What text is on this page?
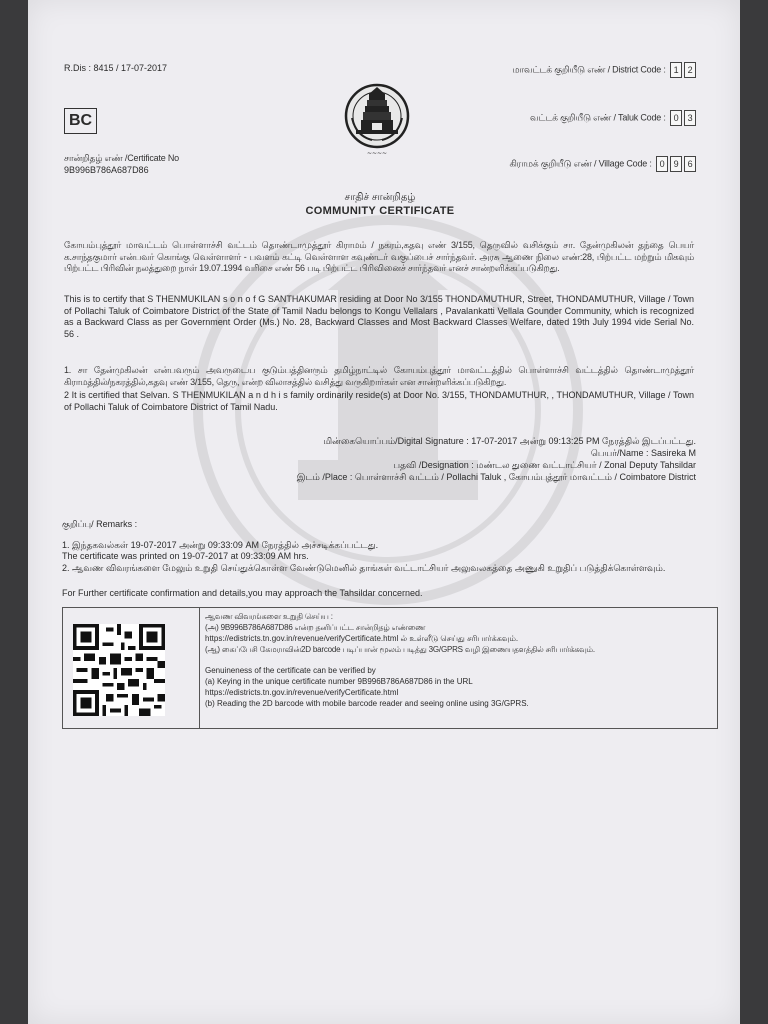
R.Dis : 8415 / 17-07-2017
BC
சான்றிதழ் எண் /Certificate No
9B996B786A687D86
~~~~
மாவட்டக் குறியீடு எண் / District Code : 1 2
வட்டக் குறியீடு எண் / Taluk Code : 0 3
கிராமக் குறியீடு எண் / Village Code : 0 9 6
சாதிச் சான்றிதழ்
COMMUNITY CERTIFICATE
கோயம்புத்தூர் மாவட்டம் பொள்ளாச்சி வட்டம் தொண்டாமுத்தூர் கிராமம் / நகரம்,கதவு எண் 3/155, தெருவில் வசிக்கும் சா. தேன்முகிலன் தந்தை பெயர் க.சாந்தகுமார் என்பவர் கொங்கு வெள்ளாளர் - பவளம் கட்டி வெள்ளாள கவுண்டர் வகுப்பைச் சார்ந்தவர். அரசு ஆணை நிலை எண்:28, பிற்பட்ட மற்றும் மிகவும் பிற்பட்ட பிரிவின் நலத்துறை நாள் 19.07.1994 வரிசை எண் 56 படி பிற்பட்ட பிரிவினைச் சார்ந்தவர் எனச் சான்றளிக்கப்படுகிறது.
This is to certify that S THENMUKILAN s o n o f G SANTHAKUMAR residing at Door No 3/155 THONDAMUTHUR, Street, THONDAMUTHUR, Village / Town of Pollachi Taluk of Coimbatore District of the State of Tamil Nadu belongs to Kongu Vellalars , Pavalankatti Vellala Gounder Community, which is recognized as a Backward Class as per Government Order (Ms.) No. 28, Backward Classes and Most Backward Classes Welfare, dated 19th July 1994 vide Serial No. 56 .
1. சா தேன்முகிலன் என்பவரும் அவருடைய குடும்பத்தினரும் தமிழ்நாட்டில் கோயம்புத்தூர் மாவட்டத்தில் பொள்ளாச்சி வட்டத்தில் தொண்டாமுத்தூர் கிராமத்தில்/நகரத்தில்,கதவு எண் 3/155, தெரு, என்ற விலாசத்தில் வசித்து வருகிறார்கள் என சான்றளிக்கப்படுகிறது.
2 It is certified that Selvan. S THENMUKILAN a n d h i s family ordinarily reside(s) at Door No. 3/155, THONDAMUTHUR, , THONDAMUTHUR, Village / Town of Pollachi Taluk of Coimbatore District of Tamil Nadu.
மின்கையொப்பம்/Digital Signature : 17-07-2017 அன்று 09:13:25 PM நேரத்தில் இடப்பட்டது.
பெயர்/Name : Sasireka M
பதவி /Designation : மண்டல துணை வட்டாட்சியர் / Zonal Deputy Tahsildar
இடம் /Place : பொள்ளாச்சி வட்டம் / Pollachi Taluk , கோயம்புத்தூர் மாவட்டம் / Coimbatore District
குறிப்பு/ Remarks :
1. இந்தகவல்கள் 19-07-2017 அன்று 09:33:09 AM நேரத்தில் அச்சடிக்கப்பட்டது.
The certificate was printed on 19-07-2017 at 09:33:09 AM hrs.
2. ஆவண விவரங்களை மேலும் உறுதி செய்துக்கொள்ள வேண்டுமெனில் தாங்கள் வட்டாட்சியர் அலுவலகத்தை அணுகி உறுதிப் படுத்திக்கொள்ளவும்.
For Further certificate confirmation and details,you may approach the Tahsildar concerned.
ஆவண விவரங்களை உறுதி செய்ய :
(அ) 9B996B786A687D86 என்ற தனிப்பட்ட சான்றிதழ் எண்ணை
https://edistricts.tn.gov.in/revenue/verifyCertificate.html ல் உள்ளீடு செய்து சரிபார்க்கவும்.
(ஆ) கைப்பேசி கேமராவின்2D barcode படிப்பான் மூலம் படித்து 3G/GPRS வழி இணையதளத்தில் சரிபார்க்கவும்.
Genuineness of the certificate can be verified by
(a) Keying in the unique certificate number 9B996B786A687D86 in the URL
https://edistricts.tn.gov.in/revenue/verifyCertificate.html
(b) Reading the 2D barcode with mobile barcode reader and seeing online using 3G/GPRS.
